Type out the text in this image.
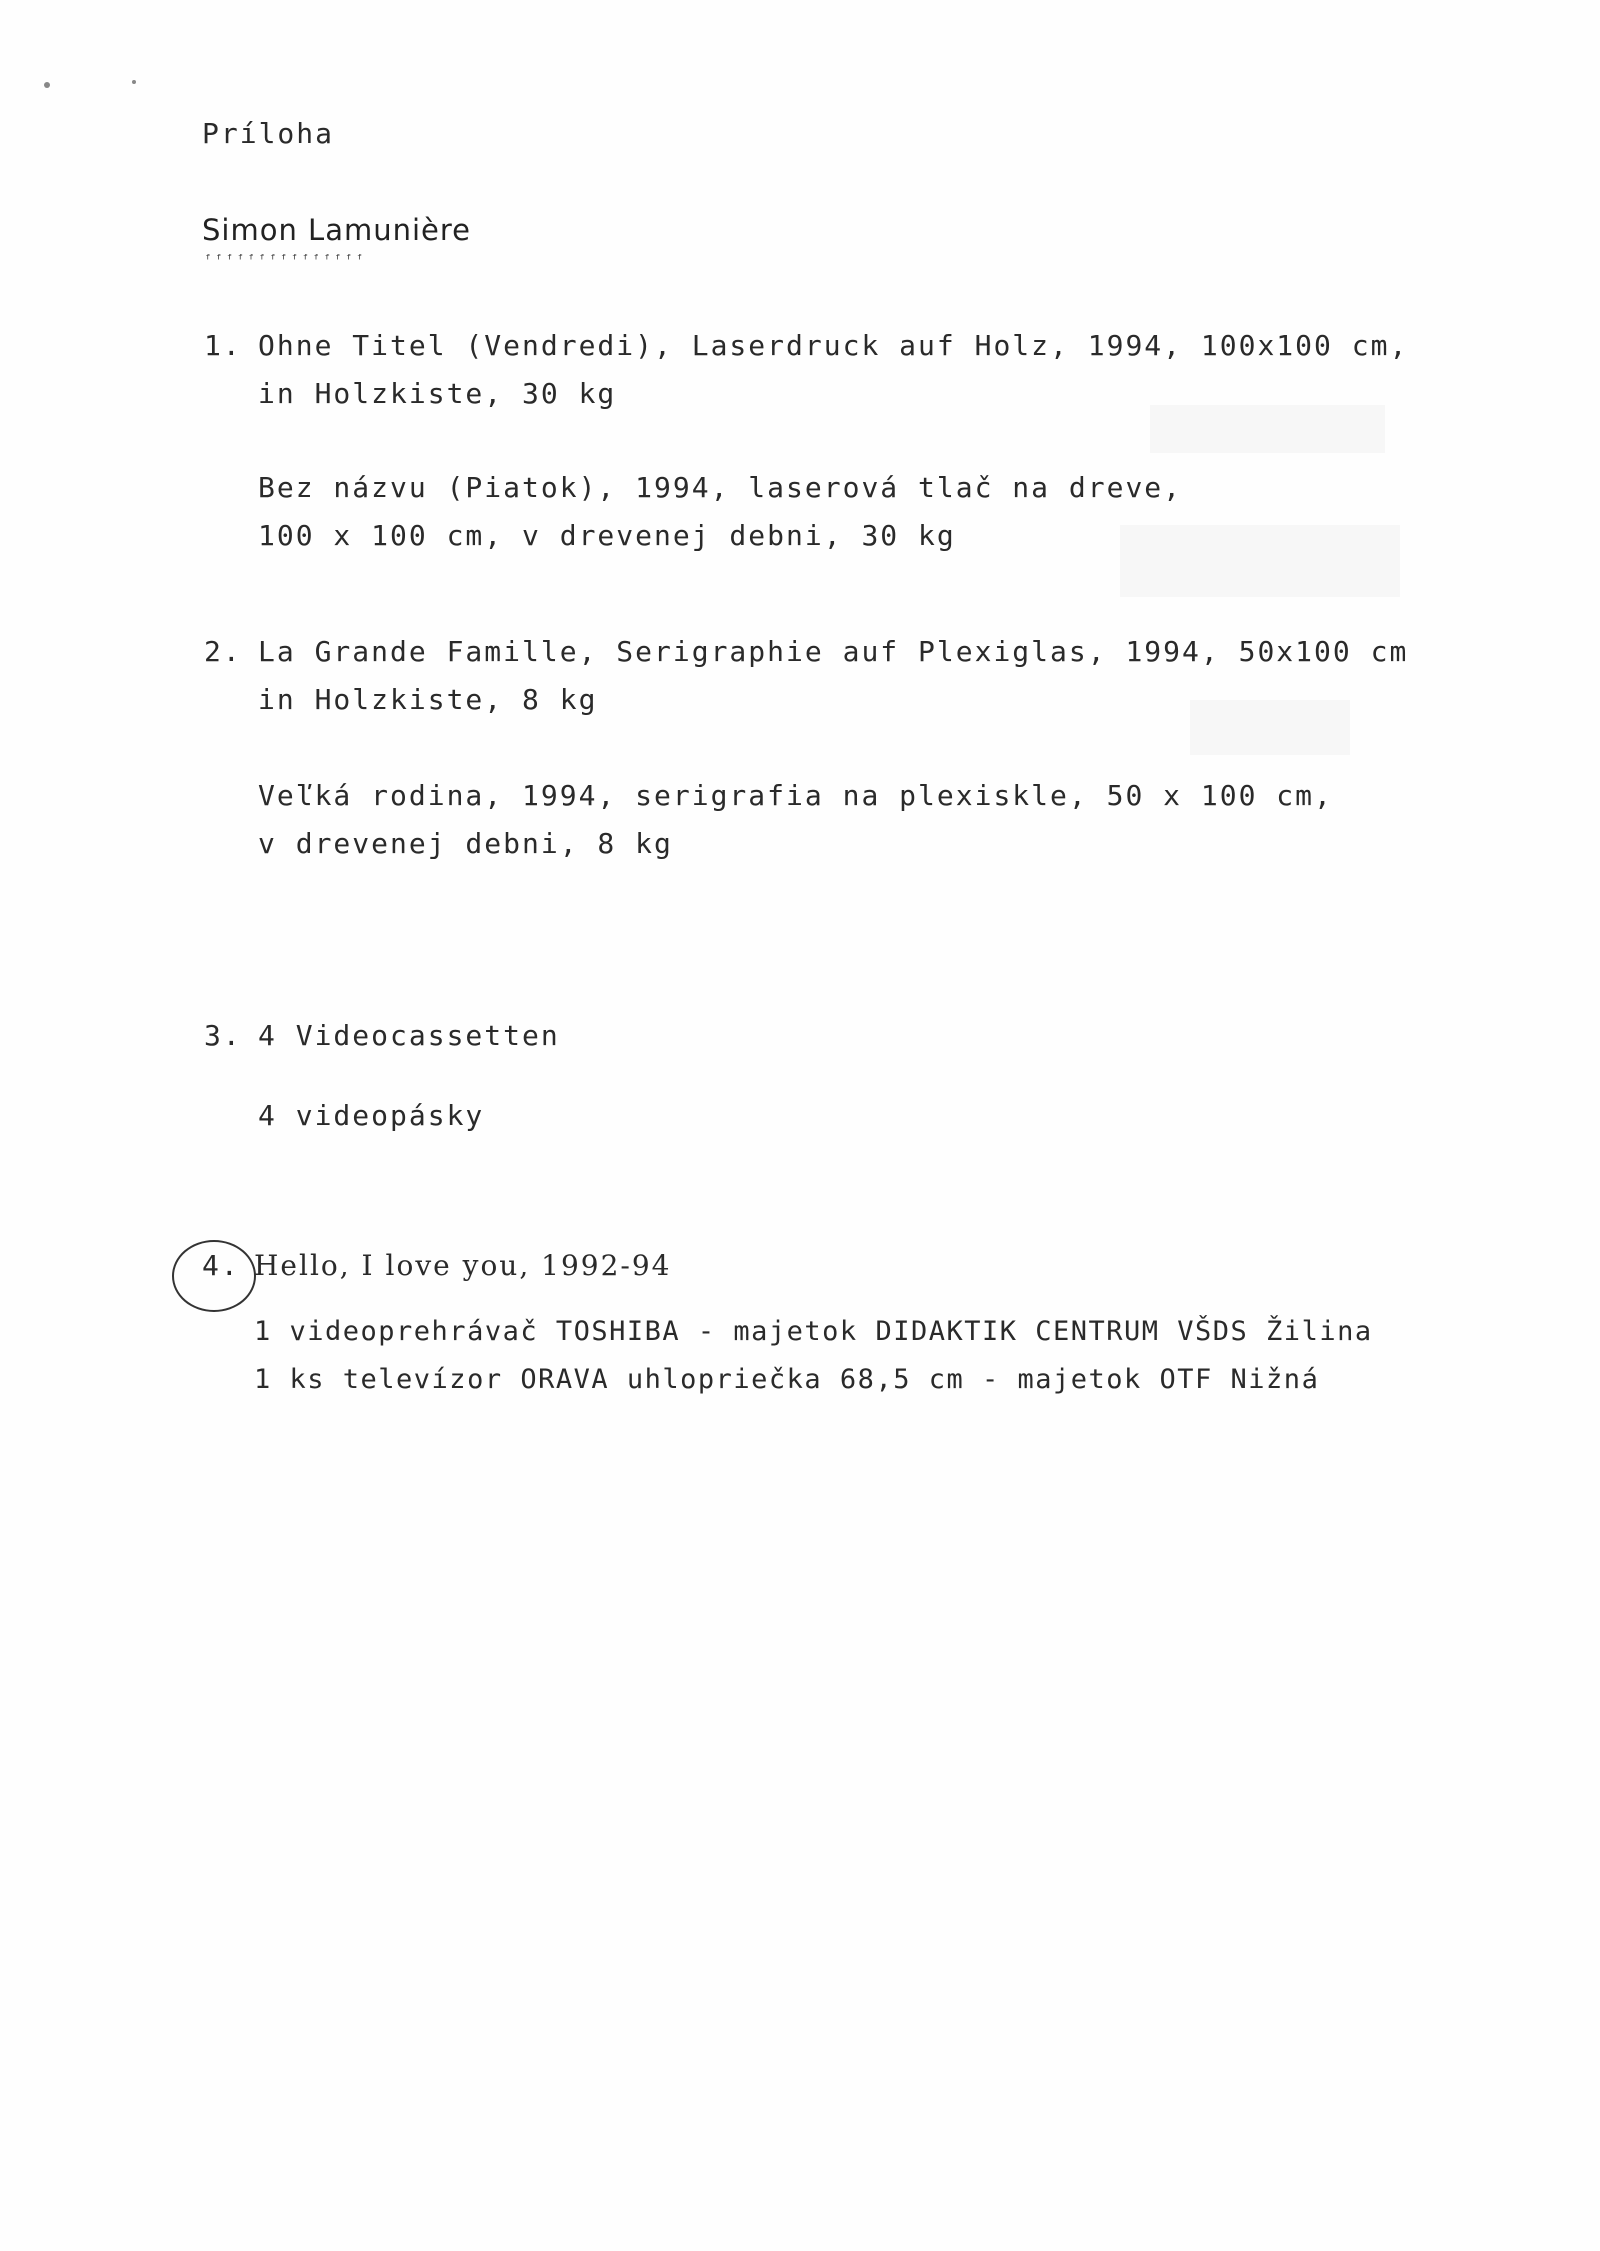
Príloha
Simon Lamunière
ᶠᶠᶠᶠᶠᶠᶠᶠᶠᶠᶠᶠᶠᶠᶠ
1. Ohne Titel (Vendredi), Laserdruck auf Holz, 1994, 100x100 cm,
in Holzkiste, 30 kg
Bez názvu (Piatok), 1994, laserová tlač na dreve,
100 x 100 cm, v drevenej debni, 30 kg
2. La Grande Famille, Serigraphie auf Plexiglas, 1994, 50x100 cm
in Holzkiste, 8 kg
Veľká rodina, 1994, serigrafia na plexiskle, 50 x 100 cm,
v drevenej debni, 8 kg
3. 4 Videocassetten
4 videopásky
4. Hello, I love you, 1992-94
1 videoprehrávač TOSHIBA - majetok DIDAKTIK CENTRUM VŠDS Žilina
1 ks televízor ORAVA uhlopriečka 68,5 cm - majetok OTF Nižná
